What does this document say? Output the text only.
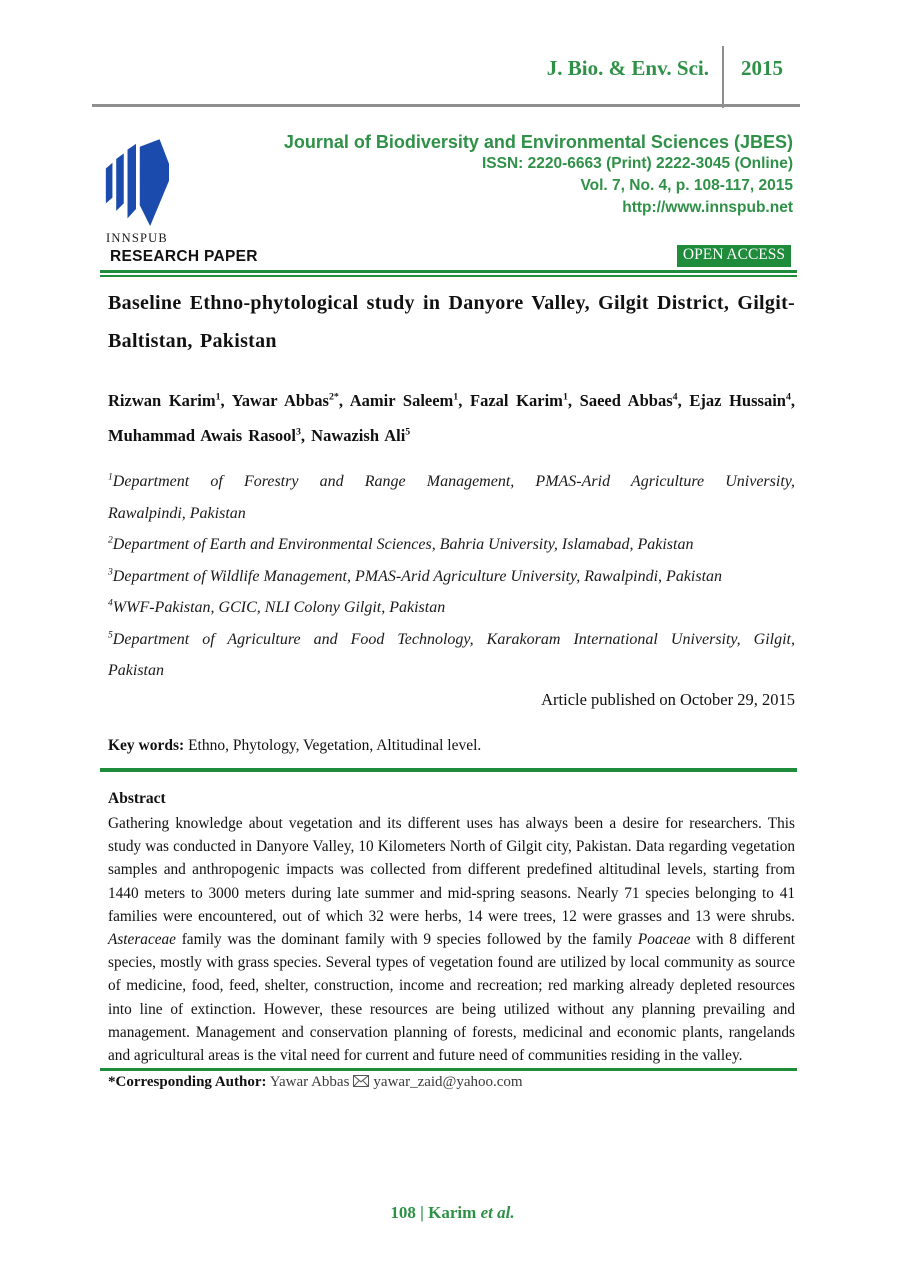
J. Bio. & Env. Sci. 2015
INNSPUB
Journal of Biodiversity and Environmental Sciences (JBES)
ISSN: 2220-6663 (Print) 2222-3045 (Online)
Vol. 7, No. 4, p. 108-117, 2015
http://www.innspub.net
RESEARCH PAPER	OPEN ACCESS
Baseline Ethno-phytological study in Danyore Valley, Gilgit District, Gilgit-Baltistan, Pakistan

Rizwan Karim$^1$, Yawar Abbas$^{2*}$, Aamir Saleem$^1$, Fazal Karim$^1$, Saeed Abbas$^4$, Ejaz Hussain$^4$, Muhammad Awais Rasool$^3$, Nawazish Ali$^5$

$^1$Department of Forestry and Range Management, PMAS-Arid Agriculture University,
Rawalpindi, Pakistan
$^2$Department of Earth and Environmental Sciences, Bahria University, Islamabad, Pakistan
$^3$Department of Wildlife Management, PMAS-Arid Agriculture University, Rawalpindi, Pakistan
$^4$WWF-Pakistan, GCIC, NLI Colony Gilgit, Pakistan
$^5$Department of Agriculture and Food Technology, Karakoram International University, Gilgit,
Pakistan
Article published on October 29, 2015
Key words: Ethno, Phytology, Vegetation, Altitudinal level.
Abstract

Gathering knowledge about vegetation and its different uses has always been a desire for researchers. This study was conducted in Danyore Valley, 10 Kilometers North of Gilgit city, Pakistan. Data regarding vegetation samples and anthropogenic impacts was collected from different predefined altitudinal levels, starting from 1440 meters to 3000 meters during late summer and mid-spring seasons. Nearly 71 species belonging to 41 families were encountered, out of which 32 were herbs, 14 were trees, 12 were grasses and 13 were shrubs. Asteraceae family was the dominant family with 9 species followed by the family Poaceae with 8 different species, mostly with grass species. Several types of vegetation found are utilized by local community as source of medicine, food, feed, shelter, construction, income and recreation; red marking already depleted resources into line of extinction. However, these resources are being utilized without any planning prevailing and management. Management and conservation planning of forests, medicinal and economic plants, rangelands and agricultural areas is the vital need for current and future need of communities residing in the valley.

*Corresponding Author: Yawar Abbas yawar_zaid@yahoo.com
108 | Karim et al.
